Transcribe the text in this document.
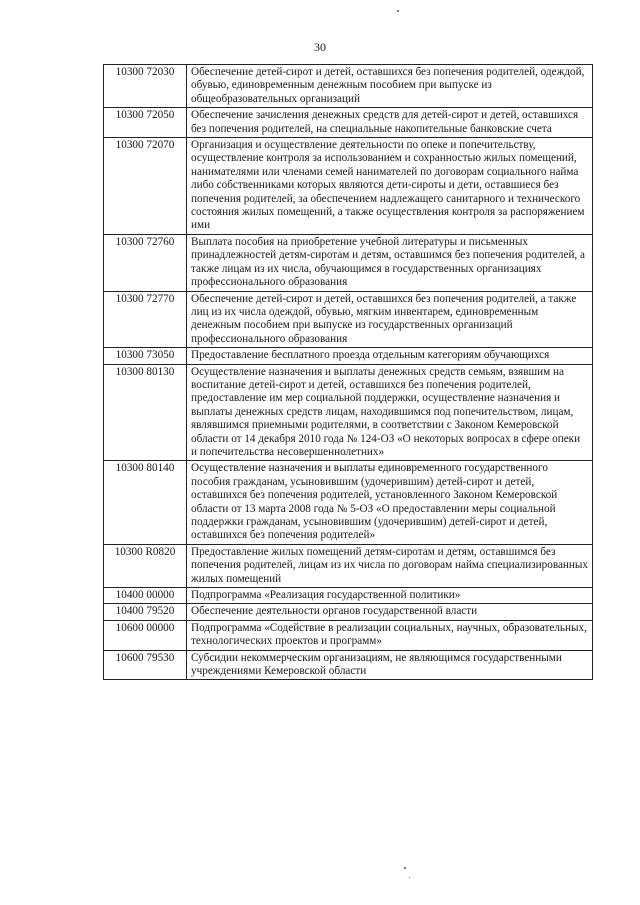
30
10300 72030	Обеспечение детей-сирот и детей, оставшихся без попечения родителей, одеждой, обувью, единовременным денежным пособием при выпуске из общеобразовательных организаций
10300 72050	Обеспечение зачисления денежных средств для детей-сирот и детей, оставшихся без попечения родителей, на специальные накопительные банковские счета
10300 72070	Организация и осуществление деятельности по опеке и попечительству, осуществление контроля за использованием и сохранностью жилых помещений, нанимателями или членами семей нанимателей по договорам социального найма либо собственниками которых являются дети-сироты и дети, оставшиеся без попечения родителей, за обеспечением надлежащего санитарного и технического состояния жилых помещений, а также осуществления контроля за распоряжением ими
10300 72760	Выплата пособия на приобретение учебной литературы и письменных принадлежностей детям-сиротам и детям, оставшимся без попечения родителей, а также лицам из их числа, обучающимся в государственных организациях профессионального образования
10300 72770	Обеспечение детей-сирот и детей, оставшихся без попечения родителей, а также лиц из их числа одеждой, обувью, мягким инвентарем, единовременным денежным пособием при выпуске из государственных организаций профессионального образования
10300 73050	Предоставление бесплатного проезда отдельным категориям обучающихся
10300 80130	Осуществление назначения и выплаты денежных средств семьям, взявшим на воспитание детей-сирот и детей, оставшихся без попечения родителей, предоставление им мер социальной поддержки, осуществление назначения и выплаты денежных средств лицам, находившимся под попечительством, лицам, являвшимся приемными родителями, в соответствии с Законом Кемеровской области от 14 декабря 2010 года № 124-ОЗ «О некоторых вопросах в сфере опеки и попечительства несовершеннолетних»
10300 80140	Осуществление назначения и выплаты единовременного государственного пособия гражданам, усыновившим (удочерившим) детей-сирот и детей, оставшихся без попечения родителей, установленного Законом Кемеровской области от 13 марта 2008 года № 5-ОЗ «О предоставлении меры социальной поддержки гражданам, усыновившим (удочерившим) детей-сирот и детей, оставшихся без попечения родителей»
10300 R0820	Предоставление жилых помещений детям-сиротам и детям, оставшимся без попечения родителей, лицам из их числа по договорам найма специализированных жилых помещений
10400 00000	Подпрограмма «Реализация государственной политики»
10400 79520	Обеспечение деятельности органов государственной власти
10600 00000	Подпрограмма «Содействие в реализации социальных, научных, образовательных, технологических проектов и программ»
10600 79530	Субсидии некоммерческим организациям, не являющимся государственными учреждениями Кемеровской области
